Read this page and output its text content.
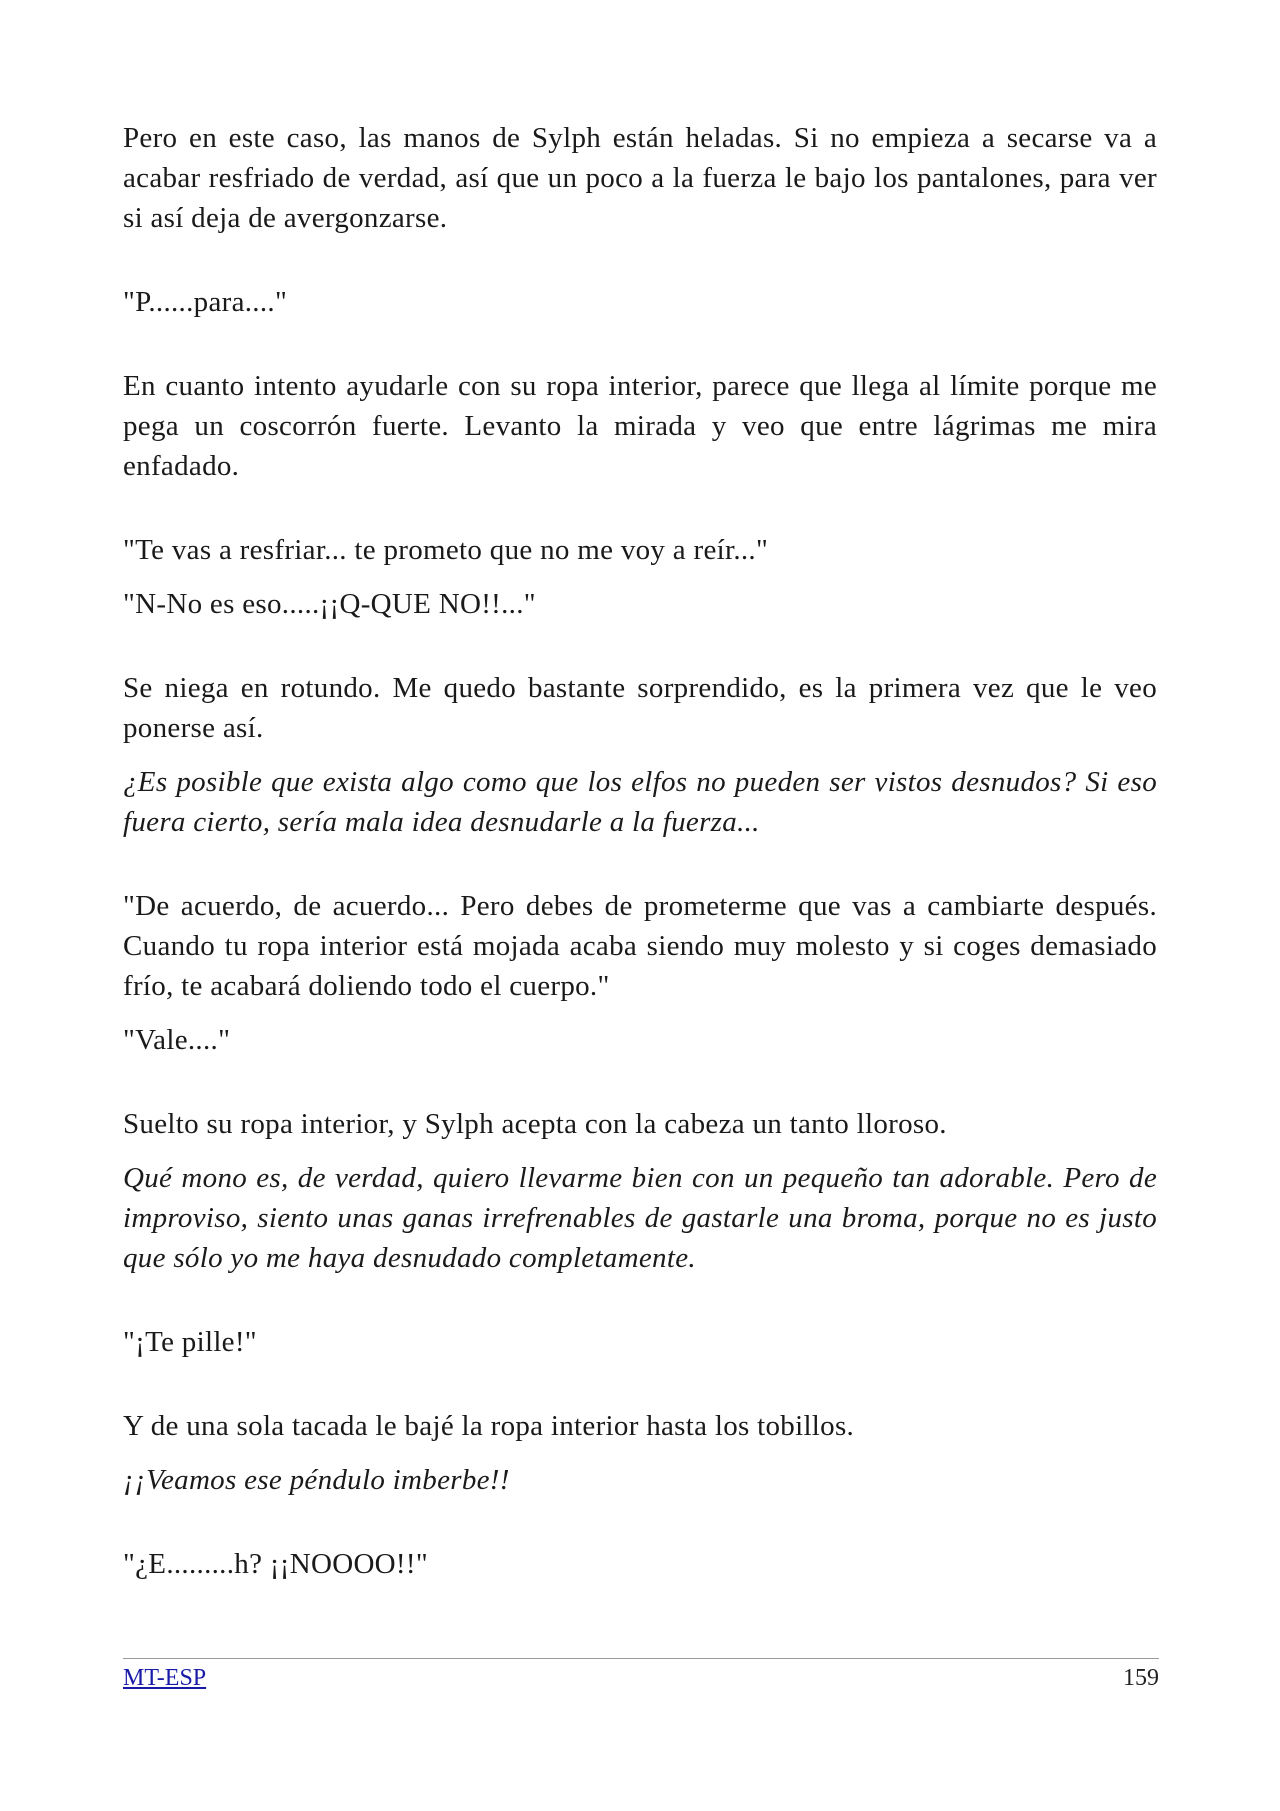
Pero en este caso, las manos de Sylph están heladas. Si no empieza a secarse va a acabar resfriado de verdad, así que un poco a la fuerza le bajo los pantalones, para ver si así deja de avergonzarse.

"P......para...."

En cuanto intento ayudarle con su ropa interior, parece que llega al límite porque me pega un coscorrón fuerte. Levanto la mirada y veo que entre lágrimas me mira enfadado.

"Te vas a resfriar... te prometo que no me voy a reír..."

"N-No es eso.....¡¡Q-QUE NO!!..."

Se niega en rotundo. Me quedo bastante sorprendido, es la primera vez que le veo ponerse así.

¿Es posible que exista algo como que los elfos no pueden ser vistos desnudos? Si eso fuera cierto, sería mala idea desnudarle a la fuerza...

"De acuerdo, de acuerdo... Pero debes de prometerme que vas a cambiarte después. Cuando tu ropa interior está mojada acaba siendo muy molesto y si coges demasiado frío, te acabará doliendo todo el cuerpo."

"Vale...."

Suelto su ropa interior, y Sylph acepta con la cabeza un tanto lloroso.

Qué mono es, de verdad, quiero llevarme bien con un pequeño tan adorable. Pero de improviso, siento unas ganas irrefrenables de gastarle una broma, porque no es justo que sólo yo me haya desnudado completamente.

"¡Te pille!"

Y de una sola tacada le bajé la ropa interior hasta los tobillos.

¡¡Veamos ese péndulo imberbe!!

"¿E.........h? ¡¡NOOOO!!"

MT-ESP	159
